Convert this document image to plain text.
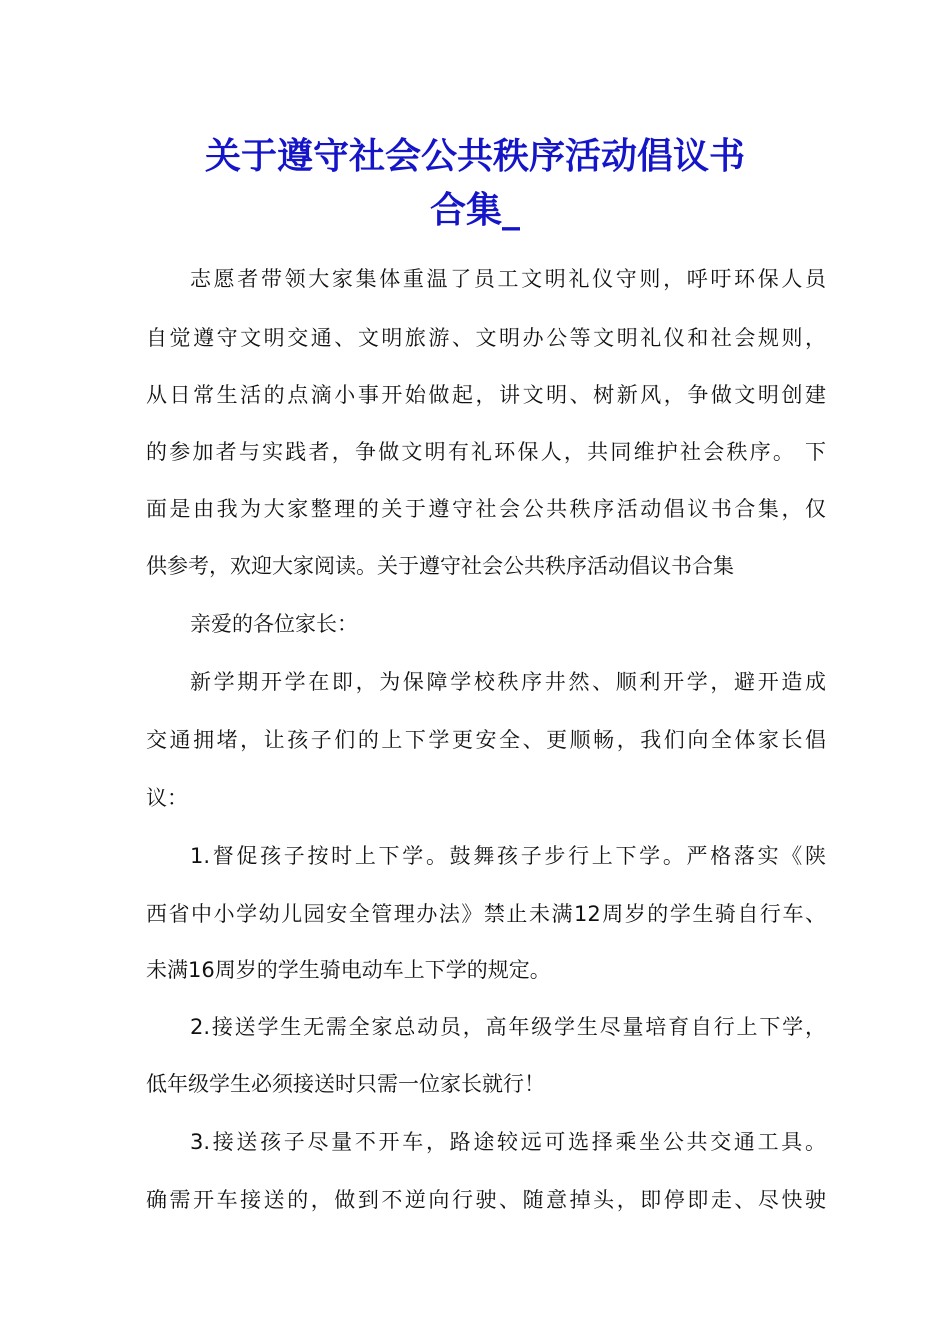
关于遵守社会公共秩序活动倡议书
合集_
志愿者带领大家集体重温了员工文明礼仪守则，呼吁环保人员
自觉遵守文明交通、文明旅游、文明办公等文明礼仪和社会规则，
从日常生活的点滴小事开始做起，讲文明、树新风，争做文明创建
的参加者与实践者，争做文明有礼环保人，共同维护社会秩序。 下
面是由我为大家整理的关于遵守社会公共秩序活动倡议书合集，仅
供参考，欢迎大家阅读。关于遵守社会公共秩序活动倡议书合集
亲爱的各位家长：
新学期开学在即，为保障学校秩序井然、顺利开学，避开造成
交通拥堵，让孩子们的上下学更安全、更顺畅，我们向全体家长倡
议：
1.督促孩子按时上下学。鼓舞孩子步行上下学。严格落实《陕
西省中小学幼儿园安全管理办法》禁止未满12周岁的学生骑自行车、
未满16周岁的学生骑电动车上下学的规定。
2.接送学生无需全家总动员，高年级学生尽量培育自行上下学，
低年级学生必须接送时只需一位家长就行！
3.接送孩子尽量不开车，路途较远可选择乘坐公共交通工具。
确需开车接送的，做到不逆向行驶、随意掉头，即停即走、尽快驶
